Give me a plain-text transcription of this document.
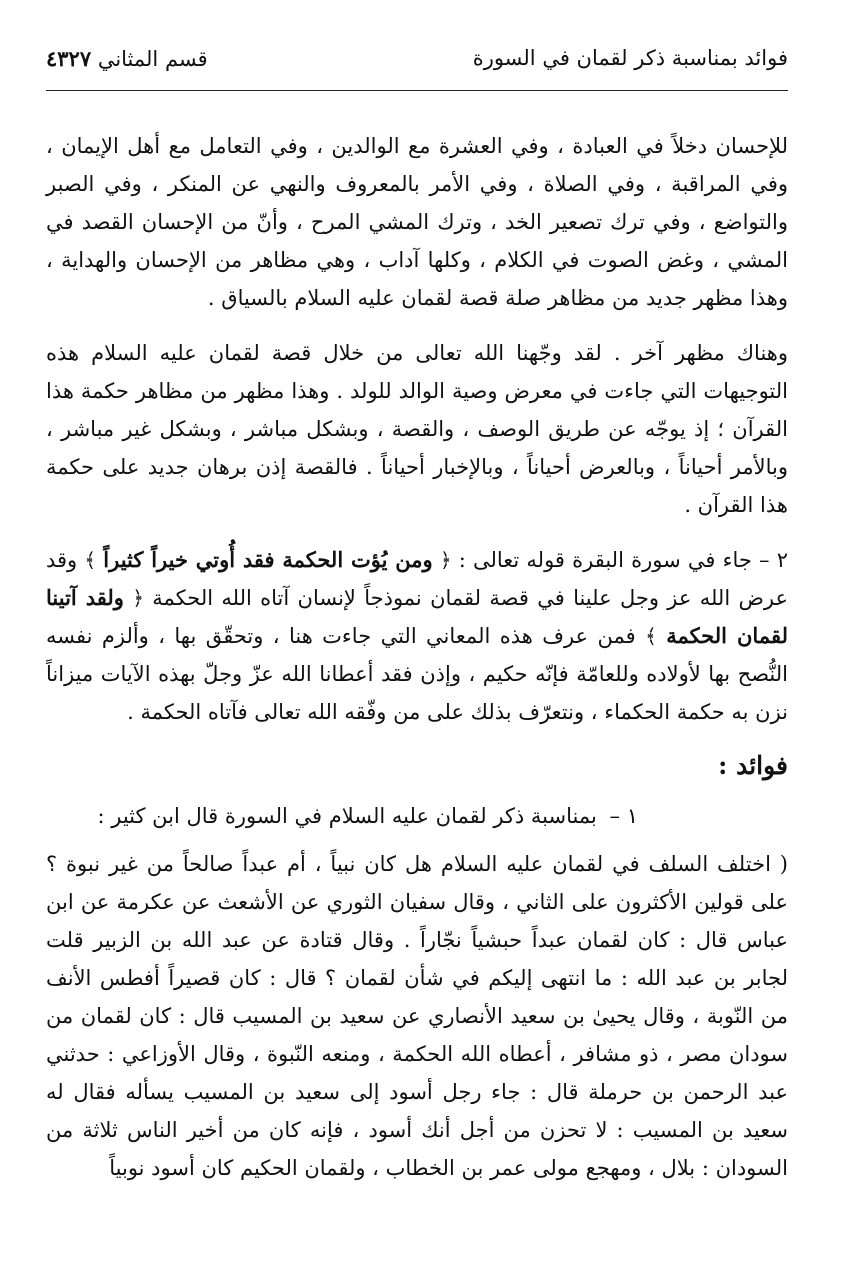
فوائد بمناسبة ذكر لقمان في السورة
قسم المثاني ٤٣٢٧

للإحسان دخلاً في العبادة ، وفي العشرة مع الوالدين ، وفي التعامل مع أهل الإيمان ، وفي المراقبة ، وفي الصلاة ، وفي الأمر بالمعروف والنهي عن المنكر ، وفي الصبر والتواضع ، وفي ترك تصعير الخد ، وترك المشي المرح ، وأنّ من الإحسان القصد في المشي ، وغض الصوت في الكلام ، وكلها آداب ، وهي مظاهر من الإحسان والهداية ، وهذا مظهر جديد من مظاهر صلة قصة لقمان عليه السلام بالسياق .

وهناك مظهر آخر . لقد وجّهنا الله تعالى من خلال قصة لقمان عليه السلام هذه التوجيهات التي جاءت في معرض وصية الوالد للولد . وهذا مظهر من مظاهر حكمة هذا القرآن ؛ إذ يوجّه عن طريق الوصف ، والقصة ، وبشكل مباشر ، وبشكل غير مباشر ، وبالأمر أحياناً ، وبالعرض أحياناً ، وبالإخبار أحياناً . فالقصة إذن برهان جديد على حكمة هذا القرآن .

٢ – جاء في سورة البقرة قوله تعالى : ﴿ ومن يُؤت الحكمة فقد أُوتي خيراً كثيراً ﴾ وقد عرض الله عز وجل علينا في قصة لقمان نموذجاً لإنسان آتاه الله الحكمة ﴿ ولقد آتينا لقمان الحكمة ﴾ فمن عرف هذه المعاني التي جاءت هنا ، وتحقّق بها ، وألزم نفسه النُّصح بها لأولاده وللعامّة فإنّه حكيم ، وإذن فقد أعطانا الله عزّ وجلّ بهذه الآيات ميزاناً نزن به حكمة الحكماء ، ونتعرّف بذلك على من وفّقه الله تعالى فآتاه الحكمة .

فوائد :

١ – بمناسبة ذكر لقمان عليه السلام في السورة قال ابن كثير :

( اختلف السلف في لقمان عليه السلام هل كان نبياً ، أم عبداً صالحاً من غير نبوة ؟ على قولين الأكثرون على الثاني ، وقال سفيان الثوري عن الأشعث عن عكرمة عن ابن عباس قال : كان لقمان عبداً حبشياً نجّاراً . وقال قتادة عن عبد الله بن الزبير قلت لجابر بن عبد الله : ما انتهى إليكم في شأن لقمان ؟ قال : كان قصيراً أفطس الأنف من النّوبة ، وقال يحيىٰ بن سعيد الأنصاري عن سعيد بن المسيب قال : كان لقمان من سودان مصر ، ذو مشافر ، أعطاه الله الحكمة ، ومنعه النّبوة ، وقال الأوزاعي : حدثني عبد الرحمن بن حرملة قال : جاء رجل أسود إلى سعيد بن المسيب يسأله فقال له سعيد بن المسيب : لا تحزن من أجل أنك أسود ، فإنه كان من أخير الناس ثلاثة من السودان : بلال ، ومهجع مولى عمر بن الخطاب ، ولقمان الحكيم كان أسود نوبياً
